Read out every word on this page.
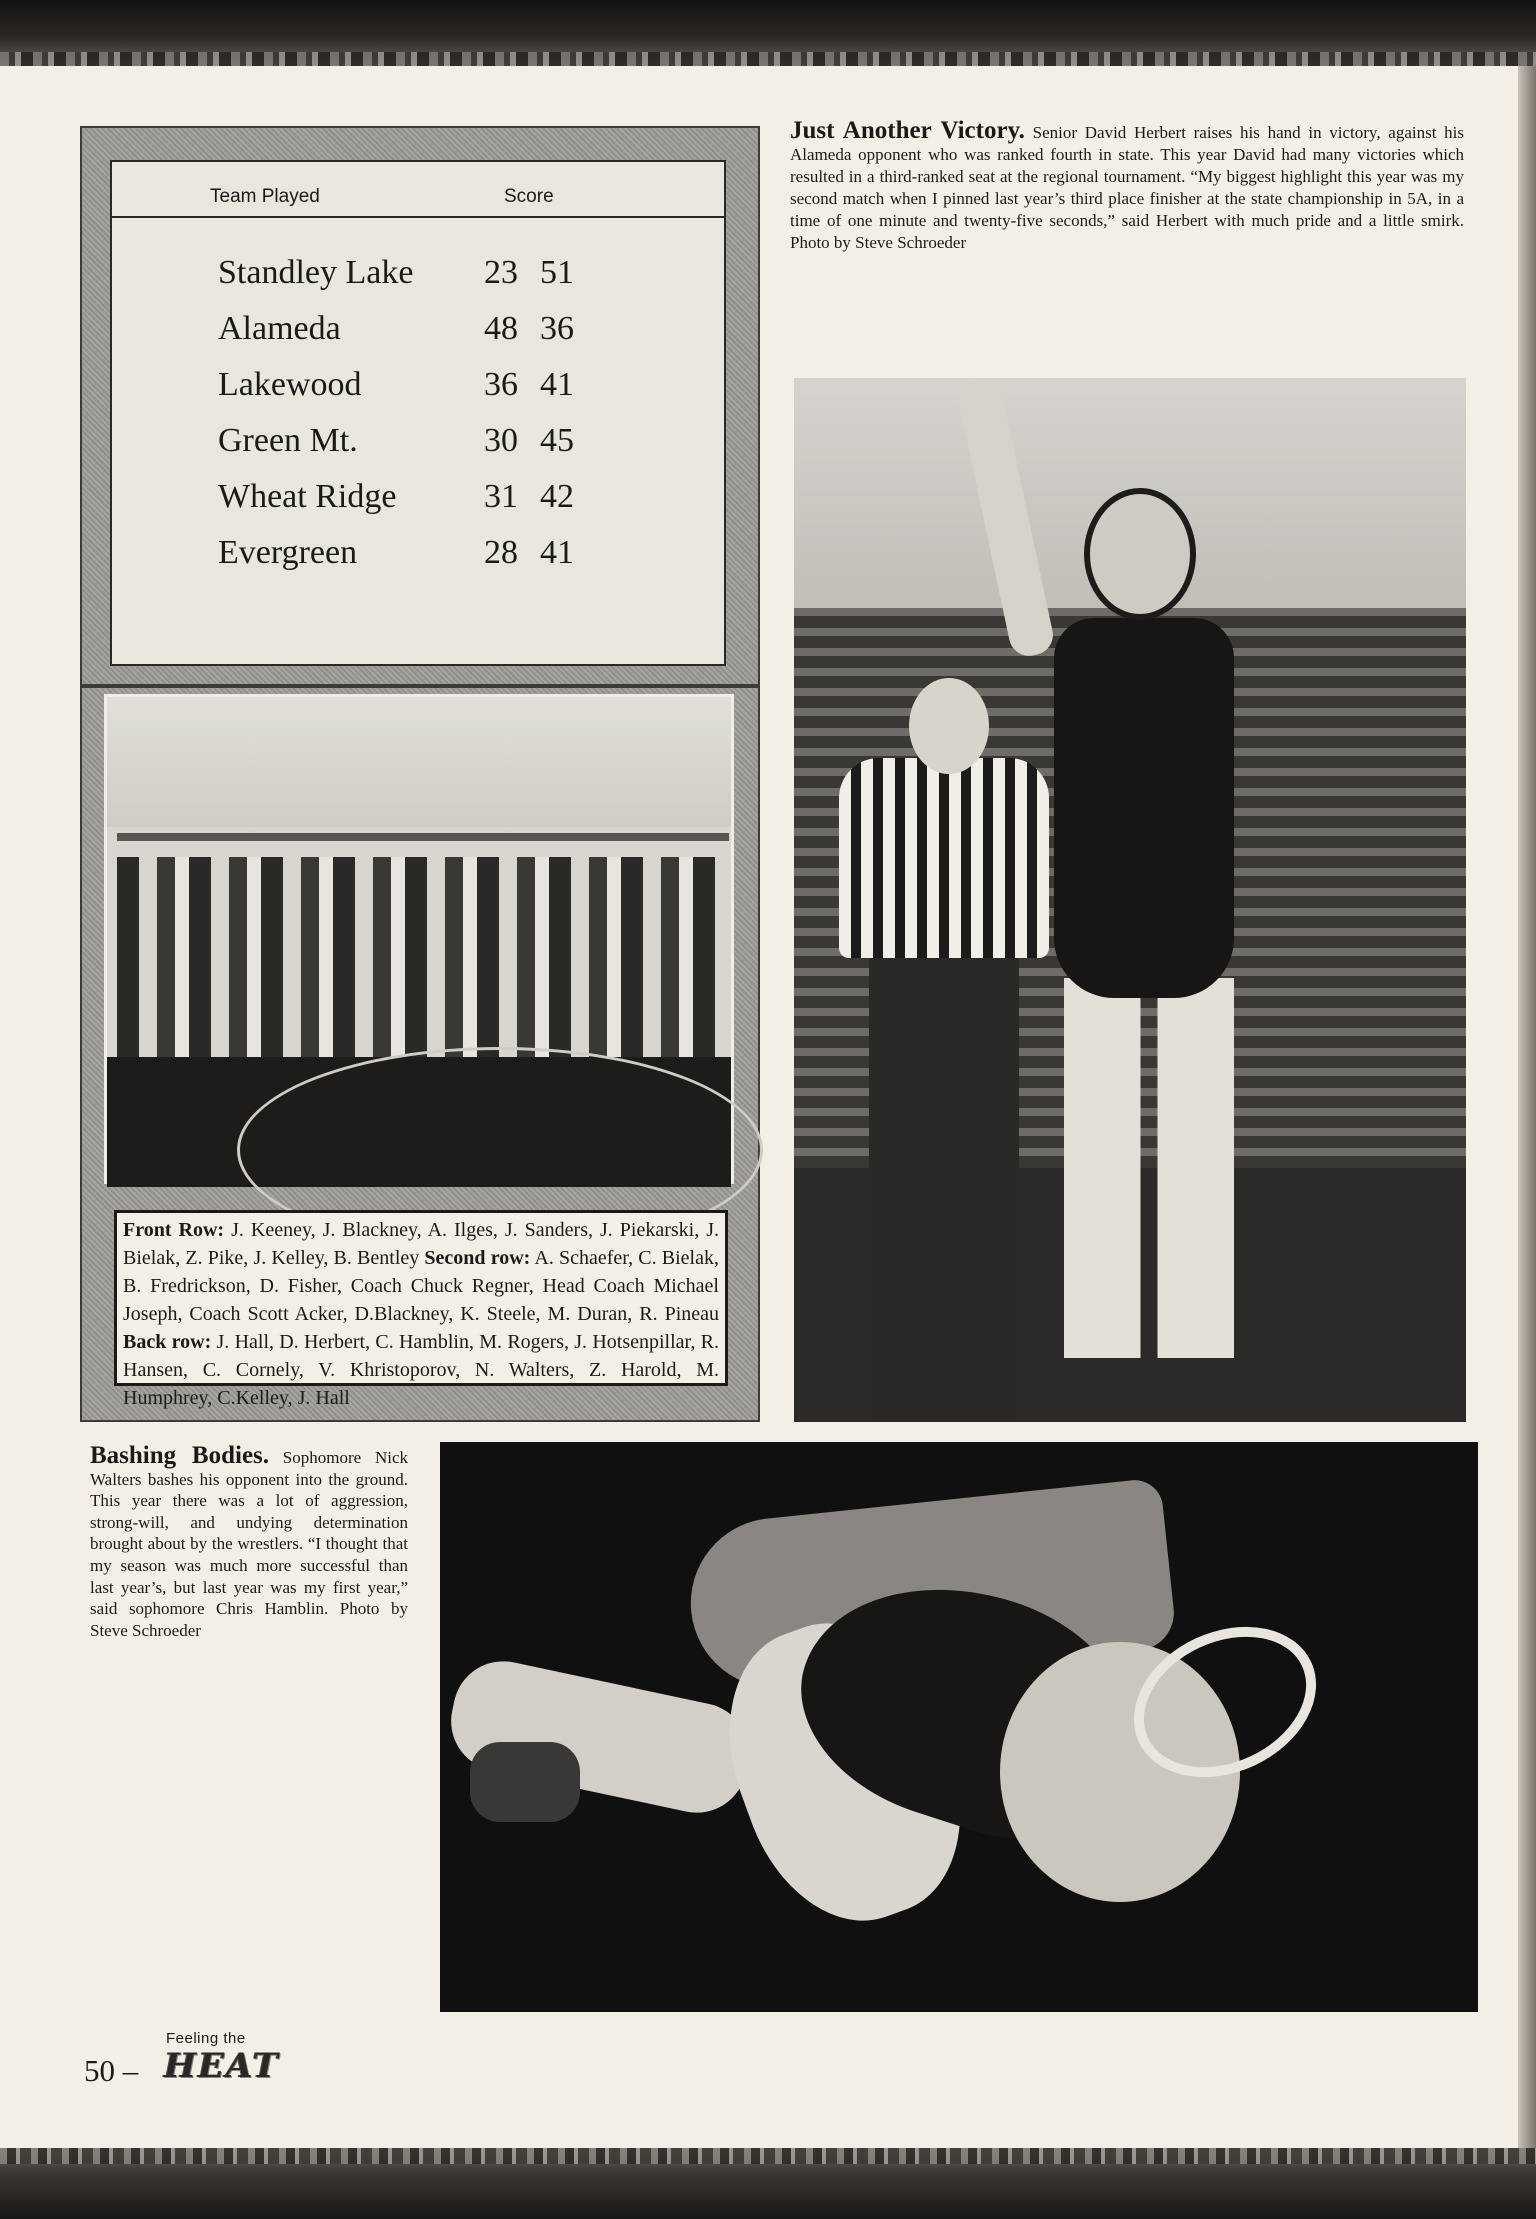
Team Played	Score
Standley Lake 23 51
Alameda	48 36
Lakewood	36 41
Green Mt.	30 45
Wheat Ridge	31 42
Evergreen	28 41
Front Row: J. Keeney, J. Blackney, A. Ilges, J. Sanders, J. Piekarski, J. Bielak, Z. Pike, J. Kelley, B. Bentley Second row: A. Schaefer, C. Bielak, B. Fredrickson, D. Fisher, Coach Chuck Regner, Head Coach Michael Joseph, Coach Scott Acker, D.Blackney, K. Steele, M. Duran, R. Pineau Back row: J. Hall, D. Herbert, C. Hamblin, M. Rogers, J. Hotsenpillar, R. Hansen, C. Cornely, V. Khristoporov, N. Walters, Z. Harold, M. Humphrey, C.Kelley, J. Hall
Just Another Victory. Senior David Herbert raises his hand in victory, against his Alameda opponent who was ranked fourth in state. This year David had many victories which resulted in a third-ranked seat at the regional tournament. “My biggest highlight this year was my second match when I pinned last year’s third place finisher at the state championship in 5A, in a time of one minute and twenty-five seconds,” said Herbert with much pride and a little smirk. Photo by Steve Schroeder
Bashing Bodies. Sophomore Nick Walters bashes his opponent into the ground. This year there was a lot of aggression, strong-will, and undying determination brought about by the wrestlers. “I thought that my season was much more successful than last year’s, but last year was my first year,” said sophomore Chris Hamblin. Photo by Steve Schroeder
50 –
Feeling the
HEAT
